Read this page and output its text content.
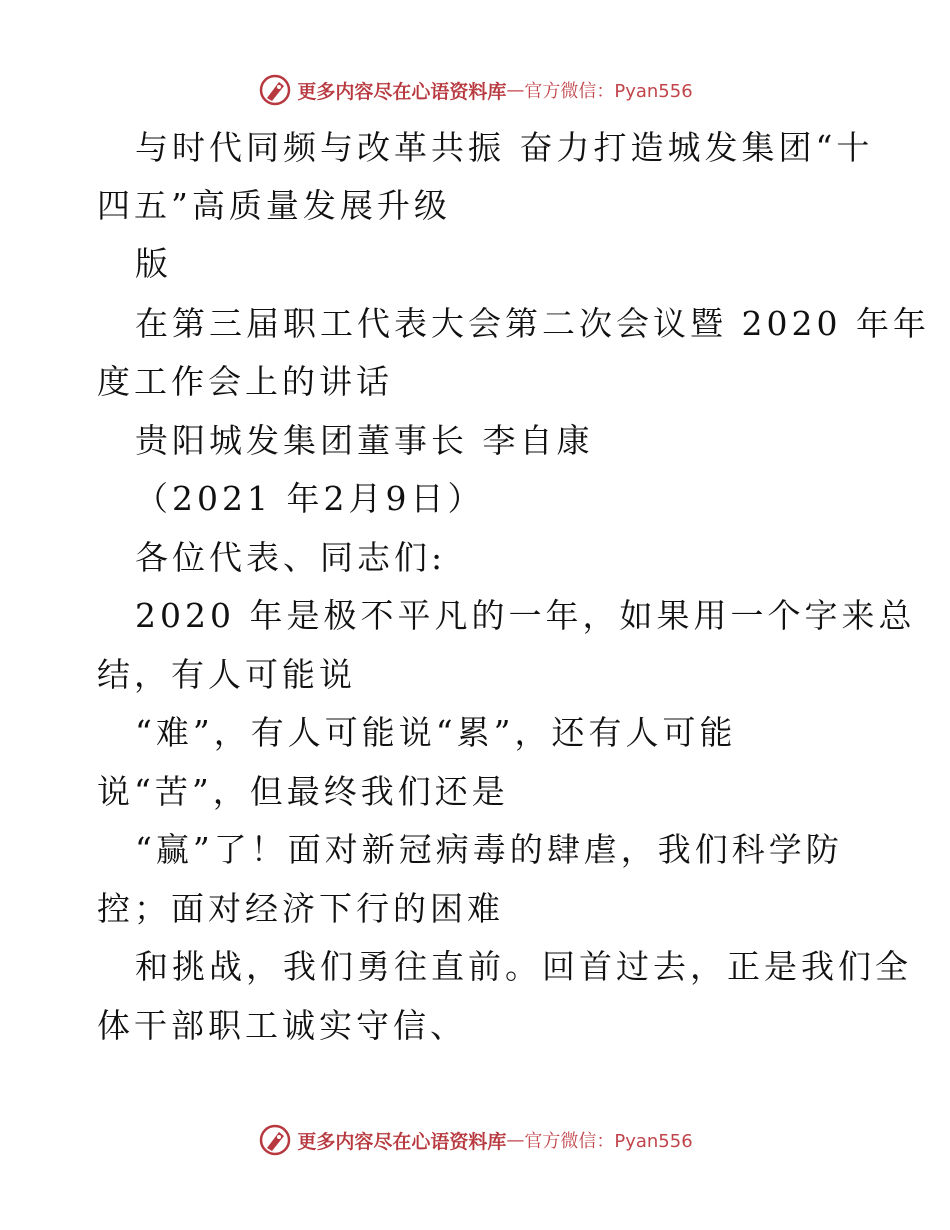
更多内容尽在心语资料库 — 官方微信：Pyan556
与时代同频与改革共振 奋力打造城发集团“十
四五”高质量发展升级
版
在第三届职工代表大会第二次会议暨 2020 年年
度工作会上的讲话
贵阳城发集团董事长 李自康
（2021 年2月9日）
各位代表、同志们:
2020 年是极不平凡的一年，如果用一个字来总
结，有人可能说
“难”，有人可能说“累”，还有人可能
说“苦”，但最终我们还是
“赢”了！面对新冠病毒的肆虐，我们科学防
控；面对经济下行的困难
和挑战，我们勇往直前。回首过去，正是我们全
体干部职工诚实守信、
更多内容尽在心语资料库 — 官方微信：Pyan556
